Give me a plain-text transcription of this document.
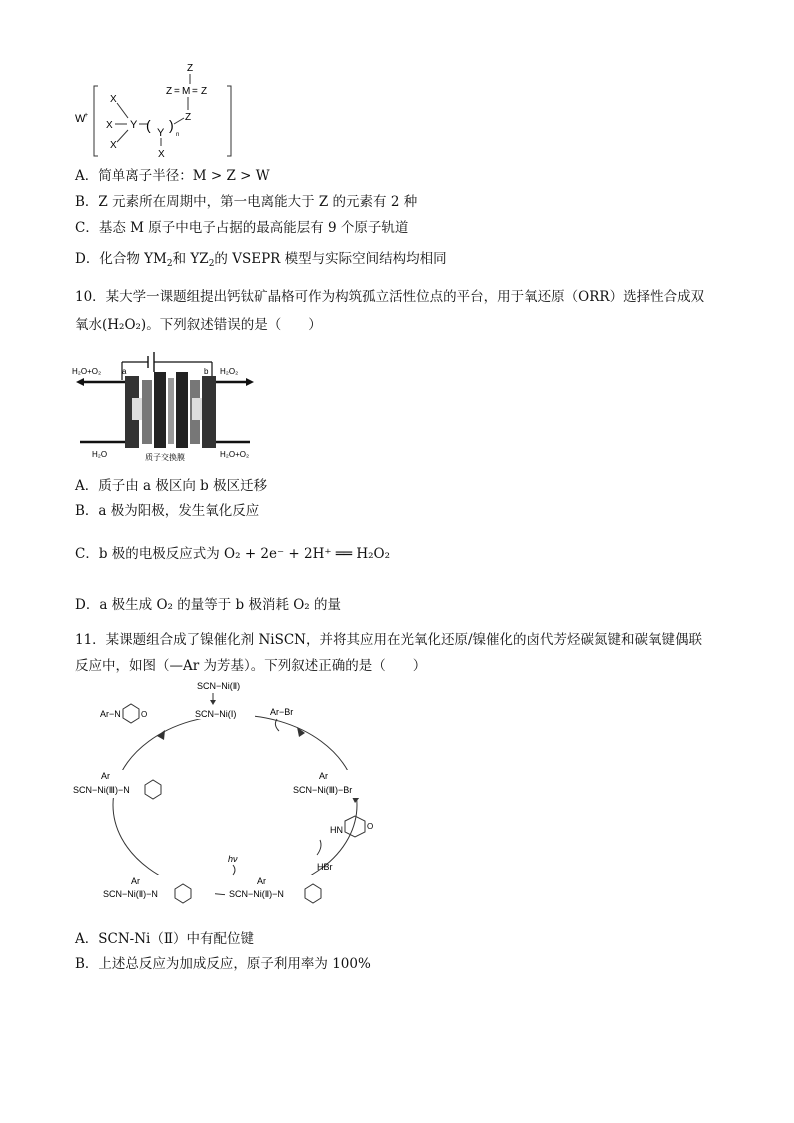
W
+
Z
Z = M = Z
Z
X
X
X
Y ( Y )
n
X
A．简单离子半径：M > Z > W
B．Z 元素所在周期中，第一电离能大于 Z 的元素有 2 种
C．基态 M 原子中电子占据的最高能层有 9 个原子轨道
D．化合物 $YM_2$和 $YZ_2$的 VSEPR 模型与实际空间结构均相同
10．某大学一课题组提出钙钛矿晶格可作为构筑孤立活性位点的平台，用于氧还原（ORR）选择性合成双
氧水(H₂O₂)。下列叙述错误的是（　　）
a	b
H₂O+O₂	H₂O₂
H₂O	H₂O+O₂
质子交换膜
A．质子由 a 极区向 b 极区迁移
B．a 极为阳极，发生氧化反应
C．b 极的电极反应式为 O₂ + 2e⁻ + 2H⁺ ══ H₂O₂
D．a 极生成 O₂ 的量等于 b 极消耗 O₂ 的量
11．某课题组合成了镍催化剂 NiSCN，并将其应用在光氧化还原/镍催化的卤代芳烃碳氮键和碳氧键偶联
反应中，如图（—Ar 为芳基）。下列叙述正确的是（　　）
SCN−Ni(Ⅱ)
SCN−Ni(Ⅰ)	Ar−Br
Ar
SCN−Ni(Ⅲ)−Br
HN	O
HBr
hν
Ar
SCN−Ni(Ⅱ)−N
Ar
SCN−Ni(Ⅱ)−N
Ar
SCN−Ni(Ⅲ)−N
Ar−N	O
A．SCN-Ni（Ⅱ）中有配位键
B．上述总反应为加成反应，原子利用率为 100%
